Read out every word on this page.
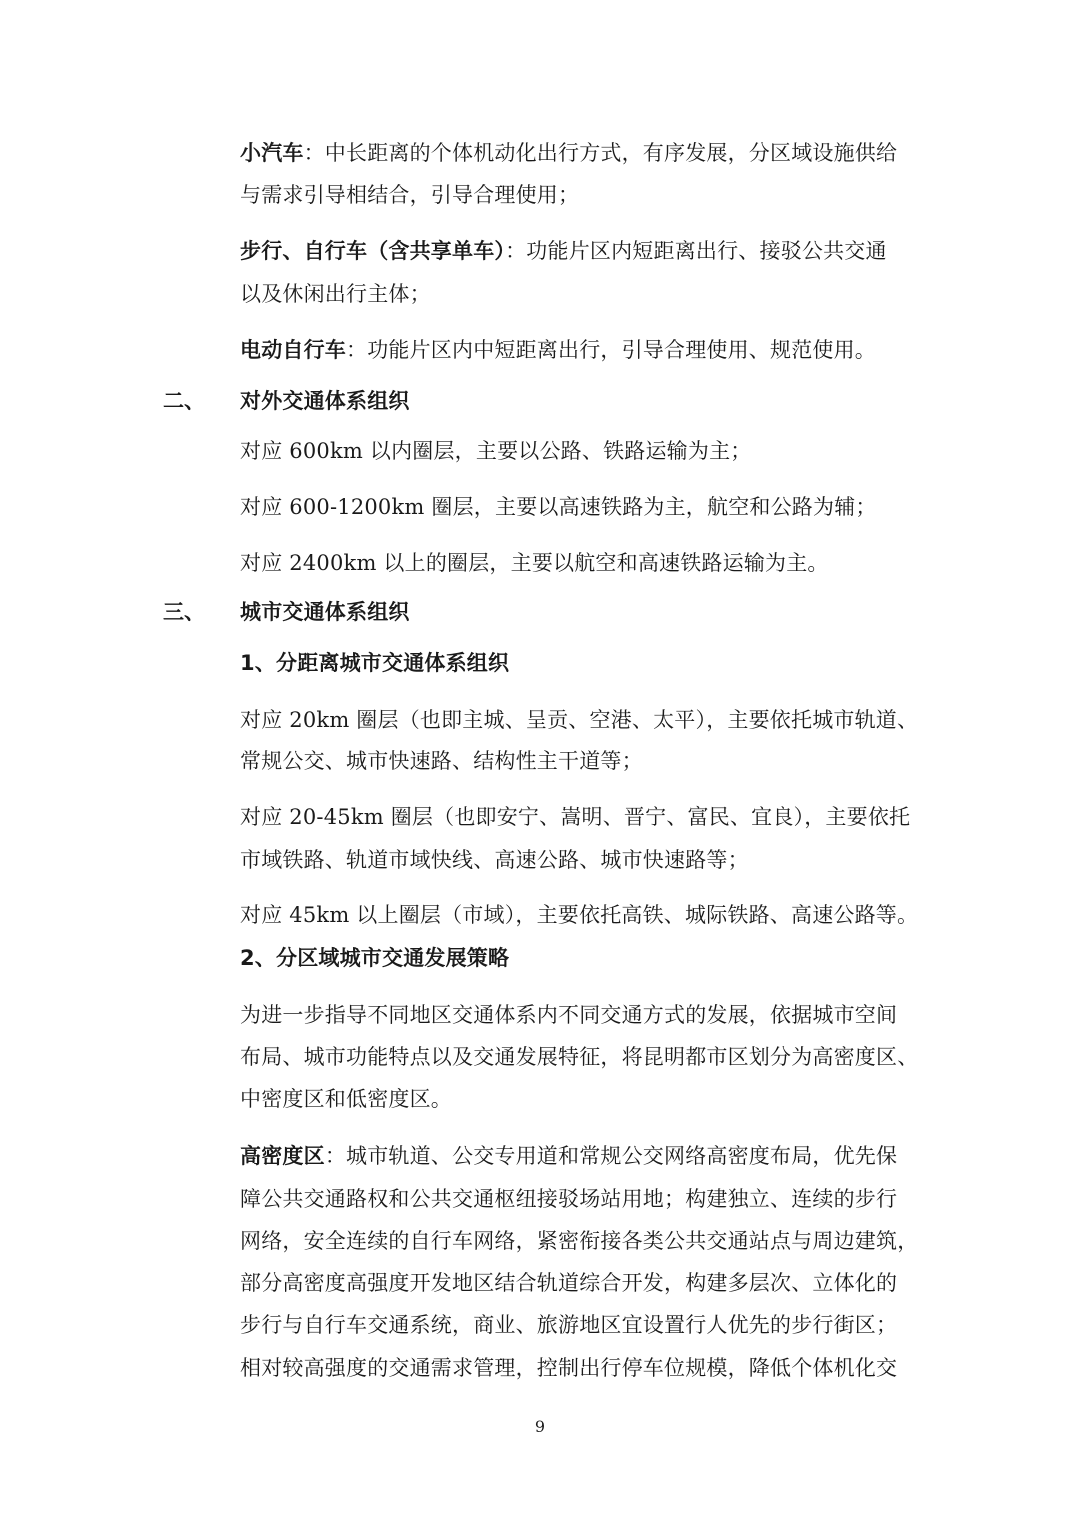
小汽车：中长距离的个体机动化出行方式，有序发展，分区域设施供给
与需求引导相结合，引导合理使用；
步行、自行车（含共享单车）：功能片区内短距离出行、接驳公共交通
以及休闲出行主体；
电动自行车：功能片区内中短距离出行，引导合理使用、规范使用。
二、 对外交通体系组织
对应 600km 以内圈层，主要以公路、铁路运输为主；
对应 600-1200km 圈层，主要以高速铁路为主，航空和公路为辅；
对应 2400km 以上的圈层，主要以航空和高速铁路运输为主。
三、 城市交通体系组织
1、分距离城市交通体系组织
对应 20km 圈层（也即主城、呈贡、空港、太平），主要依托城市轨道、
常规公交、城市快速路、结构性主干道等；
对应 20-45km 圈层（也即安宁、嵩明、晋宁、富民、宜良），主要依托
市域铁路、轨道市域快线、高速公路、城市快速路等；
对应 45km 以上圈层（市域），主要依托高铁、城际铁路、高速公路等。
2、分区域城市交通发展策略
为进一步指导不同地区交通体系内不同交通方式的发展，依据城市空间
布局、城市功能特点以及交通发展特征，将昆明都市区划分为高密度区、
中密度区和低密度区。
高密度区：城市轨道、公交专用道和常规公交网络高密度布局，优先保
障公共交通路权和公共交通枢纽接驳场站用地；构建独立、连续的步行
网络，安全连续的自行车网络，紧密衔接各类公共交通站点与周边建筑，
部分高密度高强度开发地区结合轨道综合开发，构建多层次、立体化的
步行与自行车交通系统，商业、旅游地区宜设置行人优先的步行街区；
相对较高强度的交通需求管理，控制出行停车位规模，降低个体机化交
9
